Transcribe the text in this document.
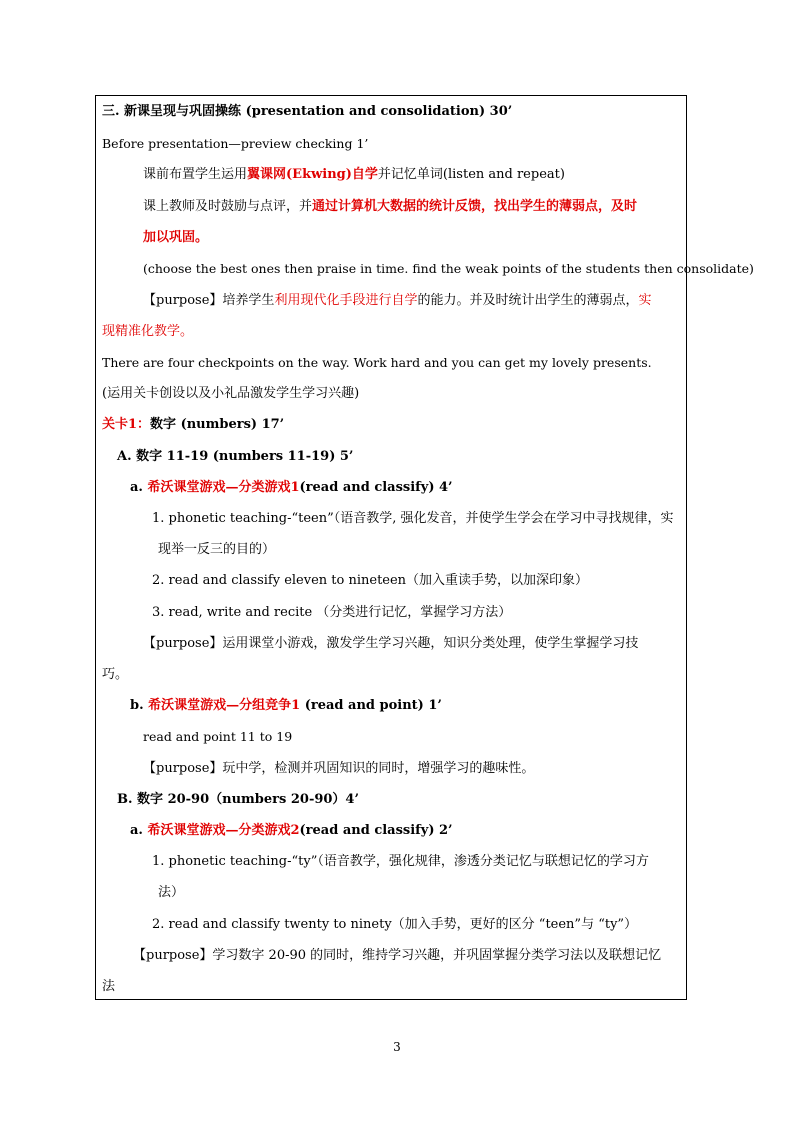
三. 新课呈现与巩固操练 (presentation and consolidation) 30’
Before presentation—preview checking 1’
课前布置学生运用翼课网(Ekwing)自学并记忆单词(listen and repeat)
课上教师及时鼓励与点评，并通过计算机大数据的统计反馈，找出学生的薄弱点，及时
加以巩固。
(choose the best ones then praise in time. find the weak points of the students then consolidate)
【purpose】培养学生利用现代化手段进行自学的能力。并及时统计出学生的薄弱点，实
现精准化教学。
There are four checkpoints on the way. Work hard and you can get my lovely presents.
(运用关卡创设以及小礼品激发学生学习兴趣)
关卡1：数字 (numbers) 17’
A. 数字 11-19 (numbers 11-19) 5’
a. 希沃课堂游戏—分类游戏1(read and classify) 4’
1. phonetic teaching-“teen”（语音教学, 强化发音，并使学生学会在学习中寻找规律，实
现举一反三的目的）
2. read and classify eleven to nineteen（加入重读手势，以加深印象）
3. read, write and recite （分类进行记忆，掌握学习方法）
【purpose】运用课堂小游戏，激发学生学习兴趣，知识分类处理，使学生掌握学习技
巧。
b. 希沃课堂游戏—分组竞争1 (read and point) 1’
read and point 11 to 19
【purpose】玩中学，检测并巩固知识的同时，增强学习的趣味性。
B. 数字 20-90（numbers 20-90）4’
a. 希沃课堂游戏—分类游戏2(read and classify) 2’
1. phonetic teaching-“ty”（语音教学，强化规律，渗透分类记忆与联想记忆的学习方
法）
2. read and classify twenty to ninety（加入手势，更好的区分 “teen”与 “ty”）
【purpose】学习数字 20-90 的同时，维持学习兴趣，并巩固掌握分类学习法以及联想记忆
法
3
